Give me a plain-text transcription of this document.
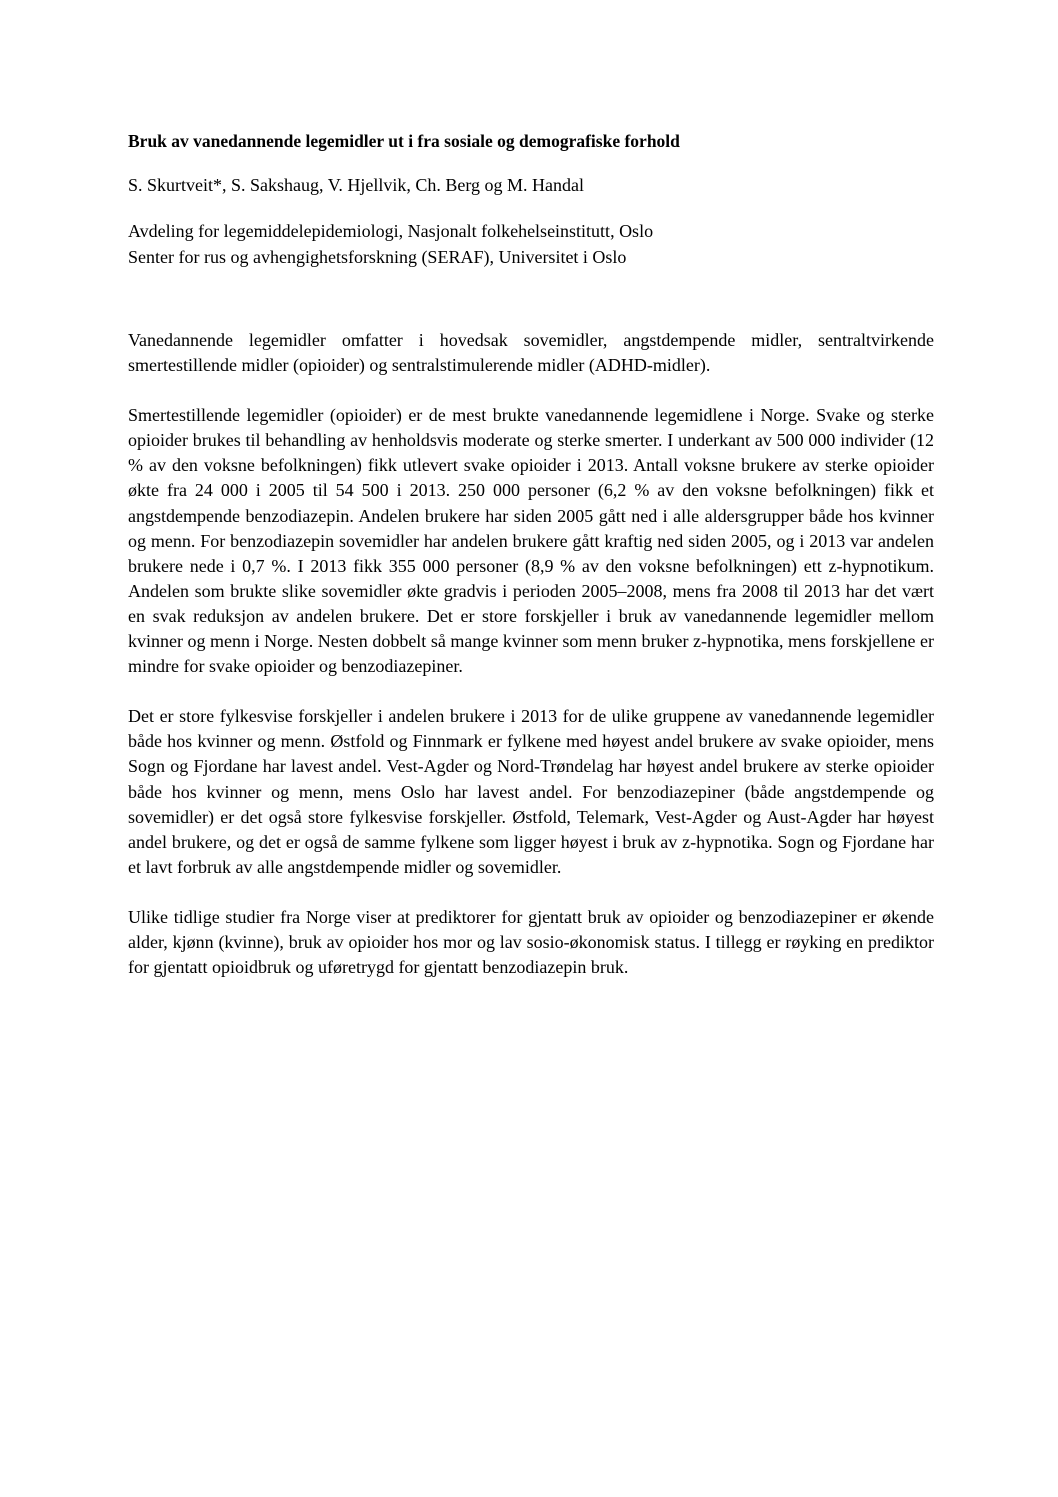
Bruk av vanedannende legemidler ut i fra sosiale og demografiske forhold

S. Skurtveit*, S. Sakshaug, V. Hjellvik, Ch. Berg og M. Handal

Avdeling for legemiddelepidemiologi, Nasjonalt folkehelseinstitutt, Oslo

Senter for rus og avhengighetsforskning (SERAF), Universitet i Oslo

Vanedannende legemidler omfatter i hovedsak sovemidler, angstdempende midler, sentraltvirkende smertestillende midler (opioider) og sentralstimulerende midler (ADHD-midler).

Smertestillende legemidler (opioider) er de mest brukte vanedannende legemidlene i Norge. Svake og sterke opioider brukes til behandling av henholdsvis moderate og sterke smerter. I underkant av 500 000 individer (12 % av den voksne befolkningen) fikk utlevert svake opioider i 2013. Antall voksne brukere av sterke opioider økte fra 24 000 i 2005 til 54 500 i 2013. 250 000 personer (6,2 % av den voksne befolkningen) fikk et angstdempende benzodiazepin. Andelen brukere har siden 2005 gått ned i alle aldersgrupper både hos kvinner og menn. For benzodiazepin sovemidler har andelen brukere gått kraftig ned siden 2005, og i 2013 var andelen brukere nede i 0,7 %. I 2013 fikk 355 000 personer (8,9 % av den voksne befolkningen) ett z-hypnotikum. Andelen som brukte slike sovemidler økte gradvis i perioden 2005–2008, mens fra 2008 til 2013 har det vært en svak reduksjon av andelen brukere. Det er store forskjeller i bruk av vanedannende legemidler mellom kvinner og menn i Norge. Nesten dobbelt så mange kvinner som menn bruker z-hypnotika, mens forskjellene er mindre for svake opioider og benzodiazepiner.

Det er store fylkesvise forskjeller i andelen brukere i 2013 for de ulike gruppene av vanedannende legemidler både hos kvinner og menn. Østfold og Finnmark er fylkene med høyest andel brukere av svake opioider, mens Sogn og Fjordane har lavest andel. Vest-Agder og Nord-Trøndelag har høyest andel brukere av sterke opioider både hos kvinner og menn, mens Oslo har lavest andel. For benzodiazepiner (både angstdempende og sovemidler) er det også store fylkesvise forskjeller. Østfold, Telemark, Vest-Agder og Aust-Agder har høyest andel brukere, og det er også de samme fylkene som ligger høyest i bruk av z-hypnotika. Sogn og Fjordane har et lavt forbruk av alle angstdempende midler og sovemidler.

Ulike tidlige studier fra Norge viser at prediktorer for gjentatt bruk av opioider og benzodiazepiner er økende alder, kjønn (kvinne), bruk av opioider hos mor og lav sosio-økonomisk status. I tillegg er røyking en prediktor for gjentatt opioidbruk og uføretrygd for gjentatt benzodiazepin bruk.
